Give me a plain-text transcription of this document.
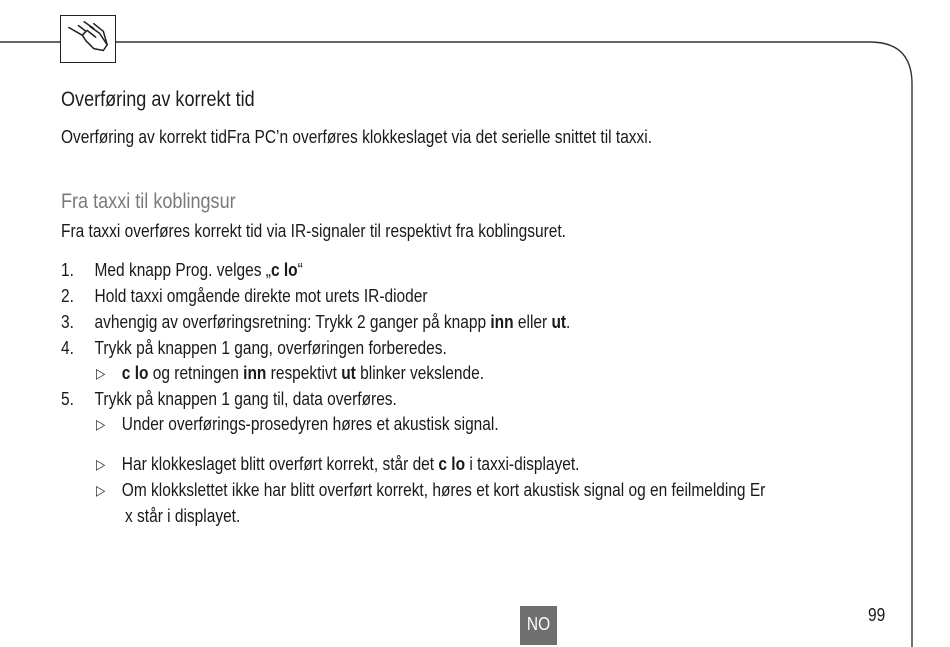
Overføring av korrekt tid

Overføring av korrekt tidFra PC’n overføres klokkeslaget via det serielle snittet til taxxi.

Fra taxxi til koblingsur

Fra taxxi overføres korrekt tid via IR-signaler til respektivt fra koblingsuret.

1. Med knapp Prog. velges „c lo“
2. Hold taxxi omgående direkte mot urets IR-dioder
3. avhengig av overføringsretning: Trykk 2 ganger på knapp inn eller ut.
4. Trykk på knappen 1 gang, overføringen forberedes.
▷ c lo og retningen inn respektivt ut blinker vekslende.
5. Trykk på knappen 1 gang til, data overføres.
▷ Under overførings-prosedyren høres et akustisk signal.
▷ Har klokkeslaget blitt overført korrekt, står det c lo i taxxi-displayet.
▷ Om klokkslettet ikke har blitt overført korrekt, høres et kort akustisk signal og en feilmelding Er
x står i displayet.
NO	99
